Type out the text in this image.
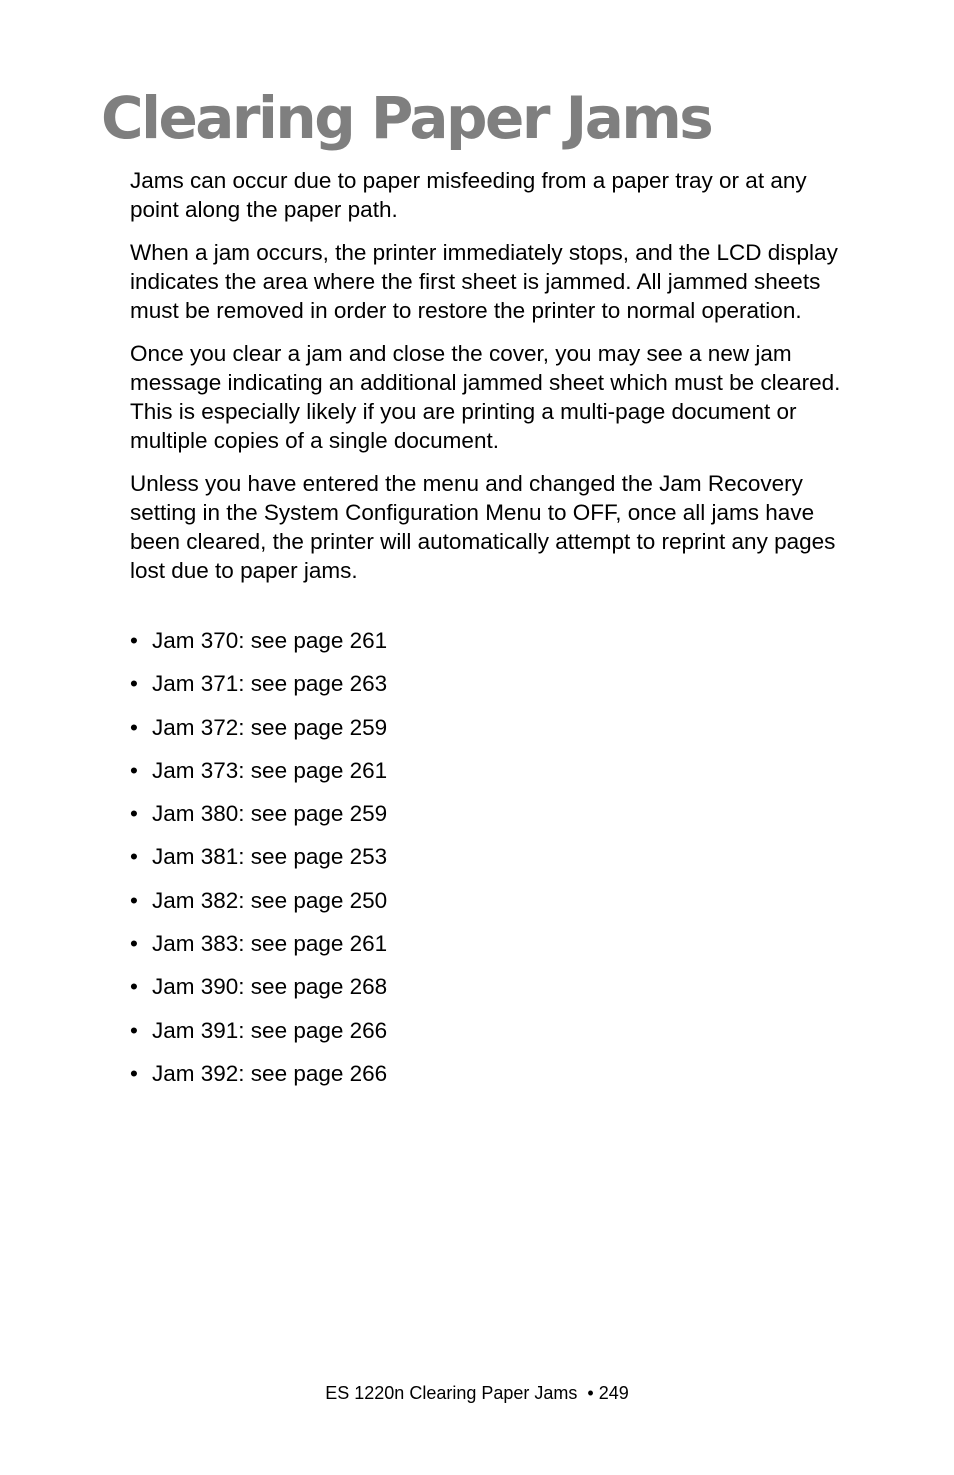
Clearing Paper Jams

Jams can occur due to paper misfeeding from a paper tray or at any point along the paper path.

When a jam occurs, the printer immediately stops, and the LCD display indicates the area where the first sheet is jammed. All jammed sheets must be removed in order to restore the printer to normal operation.

Once you clear a jam and close the cover, you may see a new jam message indicating an additional jammed sheet which must be cleared. This is especially likely if you are printing a multi-page document or multiple copies of a single document.

Unless you have entered the menu and changed the Jam Recovery setting in the System Configuration Menu to OFF, once all jams have been cleared, the printer will automatically attempt to reprint any pages lost due to paper jams.

• Jam 370: see page 261
• Jam 371: see page 263
• Jam 372: see page 259
• Jam 373: see page 261
• Jam 380: see page 259
• Jam 381: see page 253
• Jam 382: see page 250
• Jam 383: see page 261
• Jam 390: see page 268
• Jam 391: see page 266
• Jam 392: see page 266
ES 1220n Clearing Paper Jams  • 249
